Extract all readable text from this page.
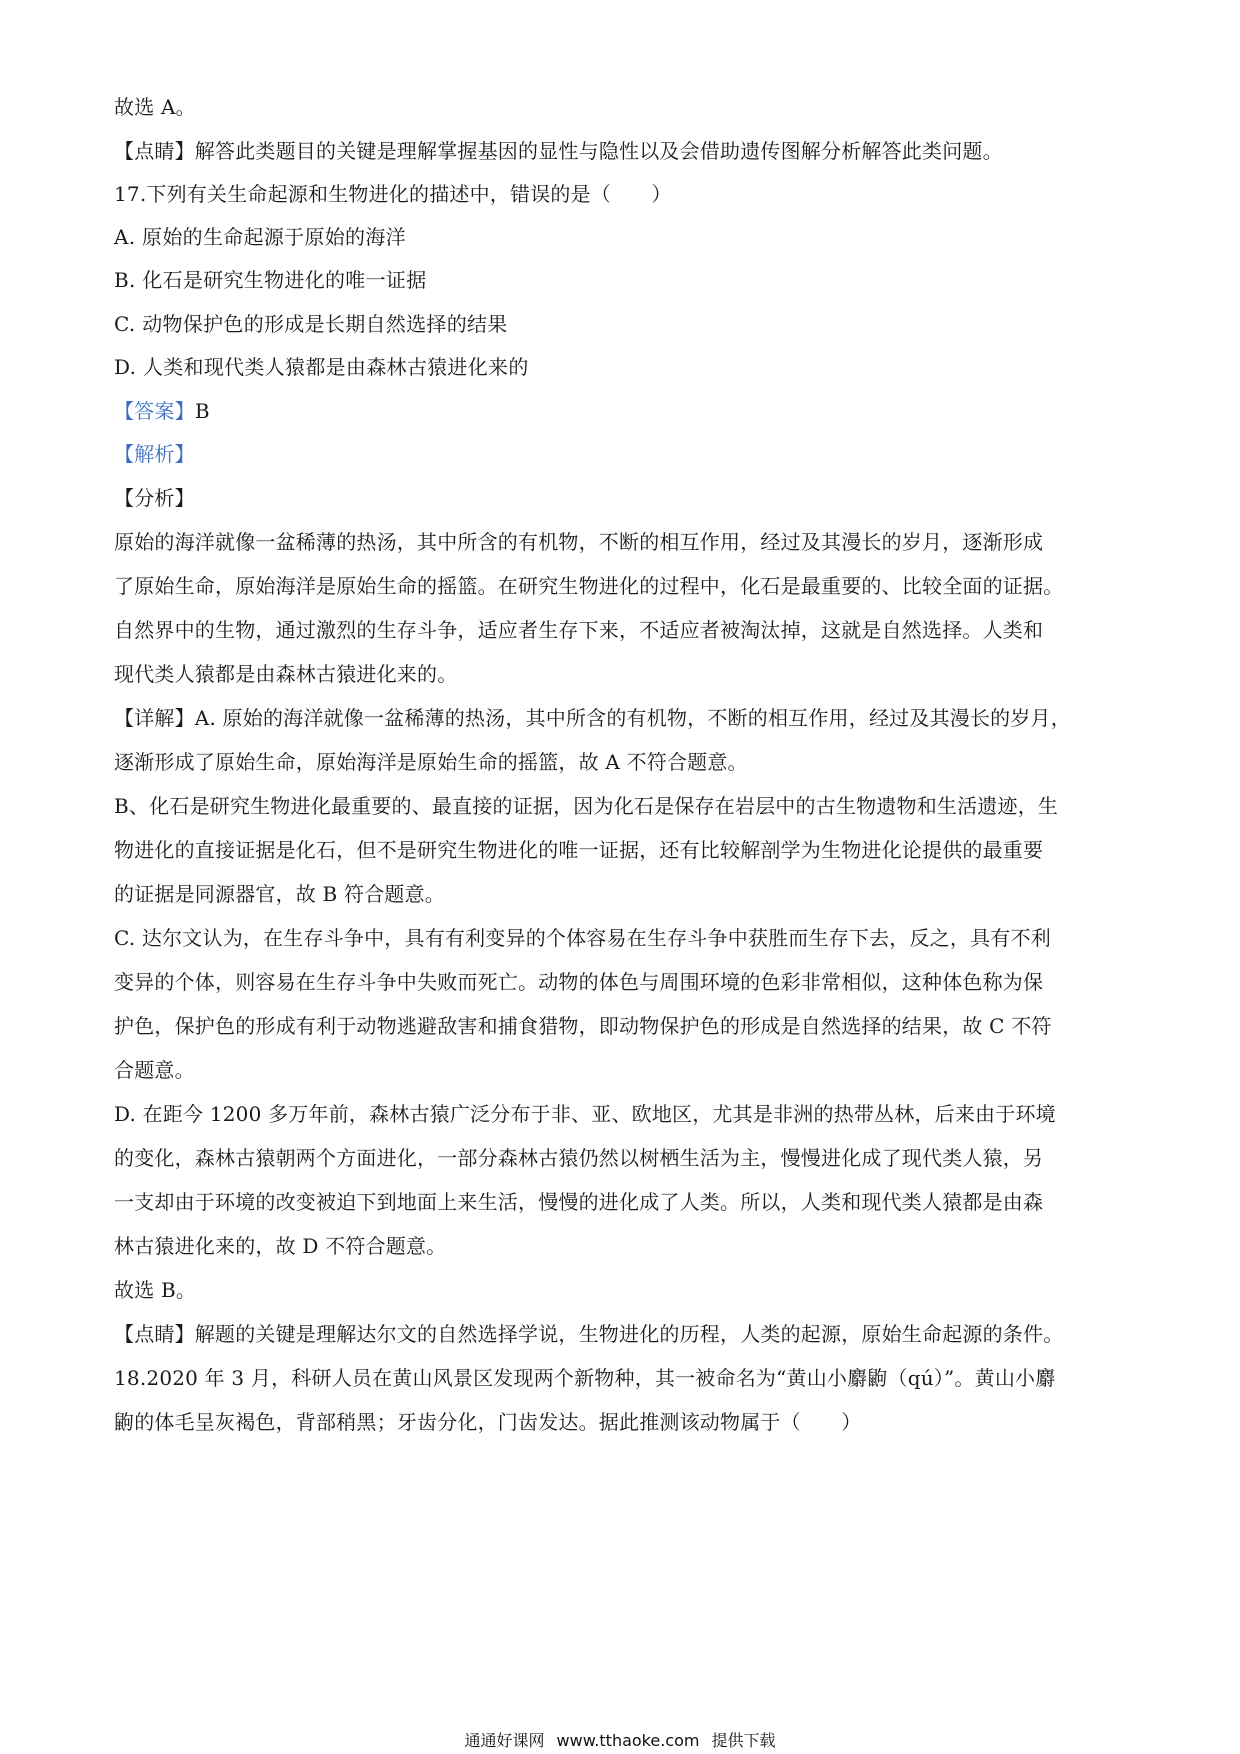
故选 A。
【点睛】解答此类题目的关键是理解掌握基因的显性与隐性以及会借助遗传图解分析解答此类问题。
17.下列有关生命起源和生物进化的描述中，错误的是（　　）
A. 原始的生命起源于原始的海洋
B. 化石是研究生物进化的唯一证据
C. 动物保护色的形成是长期自然选择的结果
D. 人类和现代类人猿都是由森林古猿进化来的
【答案】B
【解析】
【分析】
原始的海洋就像一盆稀薄的热汤，其中所含的有机物，不断的相互作用，经过及其漫长的岁月，逐渐形成
了原始生命，原始海洋是原始生命的摇篮。在研究生物进化的过程中，化石是最重要的、比较全面的证据。
自然界中的生物，通过激烈的生存斗争，适应者生存下来，不适应者被淘汰掉，这就是自然选择。人类和
现代类人猿都是由森林古猿进化来的。
【详解】A. 原始的海洋就像一盆稀薄的热汤，其中所含的有机物，不断的相互作用，经过及其漫长的岁月，
逐渐形成了原始生命，原始海洋是原始生命的摇篮，故 A 不符合题意。
B、化石是研究生物进化最重要的、最直接的证据，因为化石是保存在岩层中的古生物遗物和生活遗迹，生
物进化的直接证据是化石，但不是研究生物进化的唯一证据，还有比较解剖学为生物进化论提供的最重要
的证据是同源器官，故 B 符合题意。
C. 达尔文认为，在生存斗争中，具有有利变异的个体容易在生存斗争中获胜而生存下去，反之，具有不利
变异的个体，则容易在生存斗争中失败而死亡。动物的体色与周围环境的色彩非常相似，这种体色称为保
护色，保护色的形成有利于动物逃避敌害和捕食猎物，即动物保护色的形成是自然选择的结果，故 C 不符
合题意。
D. 在距今 1200 多万年前，森林古猿广泛分布于非、亚、欧地区，尤其是非洲的热带丛林，后来由于环境
的变化，森林古猿朝两个方面进化，一部分森林古猿仍然以树栖生活为主，慢慢进化成了现代类人猿，另
一支却由于环境的改变被迫下到地面上来生活，慢慢的进化成了人类。所以，人类和现代类人猿都是由森
林古猿进化来的，故 D 不符合题意。
故选 B。
【点睛】解题的关键是理解达尔文的自然选择学说，生物进化的历程，人类的起源，原始生命起源的条件。
18.2020 年 3 月，科研人员在黄山风景区发现两个新物种，其一被命名为“黄山小麝鼩（qú）”。黄山小麝
鼩的体毛呈灰褐色，背部稍黑；牙齿分化，门齿发达。据此推测该动物属于（　　）
通通好课网 www.tthaoke.com 提供下载
